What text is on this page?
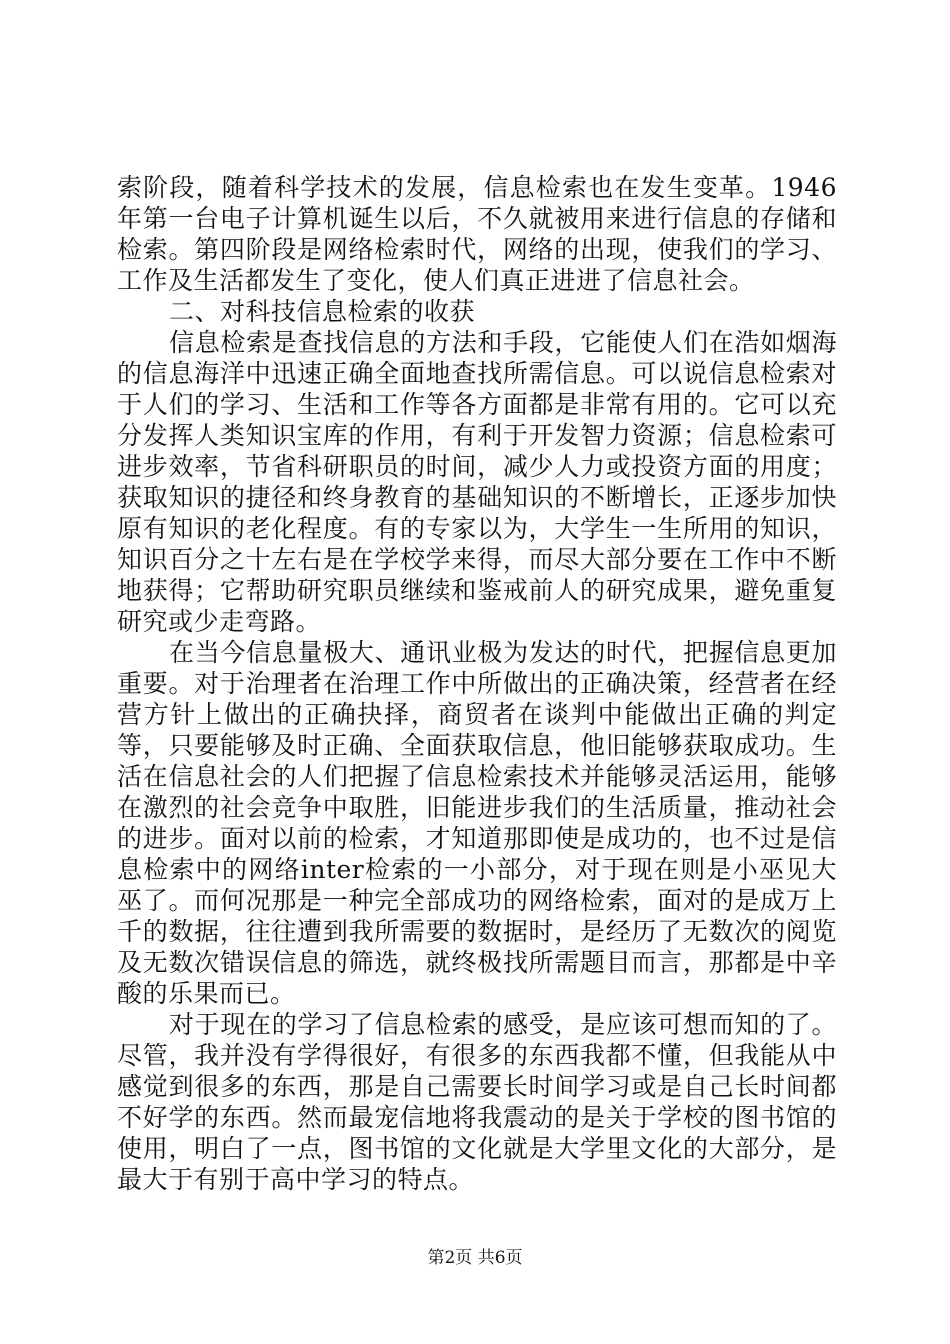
索阶段，随着科学技术的发展，信息检索也在发生变革。1946年第一台电子计算机诞生以后，不久就被用来进行信息的存储和检索。第四阶段是网络检索时代，网络的出现，使我们的学习、工作及生活都发生了变化，使人们真正进进了信息社会。

二、对科技信息检索的收获

信息检索是查找信息的方法和手段，它能使人们在浩如烟海的信息海洋中迅速正确全面地查找所需信息。可以说信息检索对于人们的学习、生活和工作等各方面都是非常有用的。它可以充分发挥人类知识宝库的作用，有利于开发智力资源；信息检索可进步效率，节省科研职员的时间，减少人力或投资方面的用度；获取知识的捷径和终身教育的基础知识的不断增长，正逐步加快原有知识的老化程度。有的专家以为，大学生一生所用的知识，知识百分之十左右是在学校学来得，而尽大部分要在工作中不断地获得；它帮助研究职员继续和鉴戒前人的研究成果，避免重复研究或少走弯路。

在当今信息量极大、通讯业极为发达的时代，把握信息更加重要。对于治理者在治理工作中所做出的正确决策，经营者在经营方针上做出的正确抉择，商贸者在谈判中能做出正确的判定等，只要能够及时正确、全面获取信息，他旧能够获取成功。生活在信息社会的人们把握了信息检索技术并能够灵活运用，能够在激烈的社会竞争中取胜，旧能进步我们的生活质量，推动社会的进步。面对以前的检索，才知道那即使是成功的，也不过是信息检索中的网络inter检索的一小部分，对于现在则是小巫见大巫了。而何况那是一种完全部成功的网络检索，面对的是成万上千的数据，往往遭到我所需要的数据时，是经历了无数次的阅览及无数次错误信息的筛选，就终极找所需题目而言，那都是中辛酸的乐果而已。

对于现在的学习了信息检索的感受，是应该可想而知的了。尽管，我并没有学得很好，有很多的东西我都不懂，但我能从中感觉到很多的东西，那是自己需要长时间学习或是自己长时间都不好学的东西。然而最宠信地将我震动的是关于学校的图书馆的使用，明白了一点，图书馆的文化就是大学里文化的大部分，是最大于有别于高中学习的特点。

第2页 共6页
